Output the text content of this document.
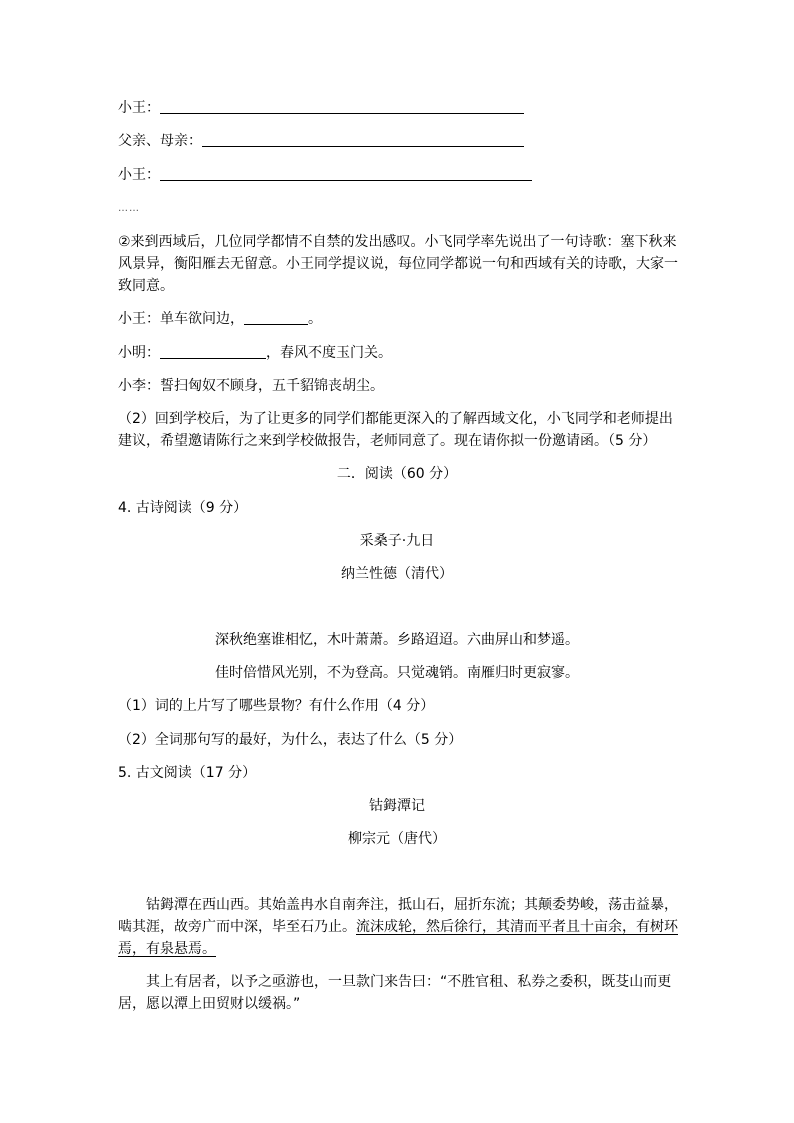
小王：
父亲、母亲：
小王：
……
②来到西域后，几位同学都情不自禁的发出感叹。小飞同学率先说出了一句诗歌：塞下秋来
风景异，衡阳雁去无留意。小王同学提议说，每位同学都说一句和西域有关的诗歌，大家一
致同意。
小王：单车欲问边，	。
小明：	，春风不度玉门关。
小李：誓扫匈奴不顾身，五千貂锦丧胡尘。
（2）回到学校后，为了让更多的同学们都能更深入的了解西域文化，小飞同学和老师提出
建议，希望邀请陈行之来到学校做报告，老师同意了。现在请你拟一份邀请函。（5 分）
二．阅读（60 分）
4. 古诗阅读（9 分）
采桑子·九日
纳兰性德（清代）
深秋绝塞谁相忆，木叶萧萧。乡路迢迢。六曲屏山和梦遥。
佳时倍惜风光别，不为登高。只觉魂销。南雁归时更寂寥。
（1）词的上片写了哪些景物？有什么作用（4 分）
（2）全词那句写的最好，为什么，表达了什么（5 分）
5. 古文阅读（17 分）
钴鉧潭记
柳宗元（唐代）
钴鉧潭在西山西。其始盖冉水自南奔注，抵山石，屈折东流；其颠委势峻，荡击益暴，
啮其涯，故旁广而中深，毕至石乃止。流沫成轮，然后徐行，其清而平者且十亩余，有树环
焉，有泉悬焉。
其上有居者，以予之亟游也，一旦款门来告曰：“不胜官租、私券之委积，既芟山而更
居，愿以潭上田贸财以缓祸。”
